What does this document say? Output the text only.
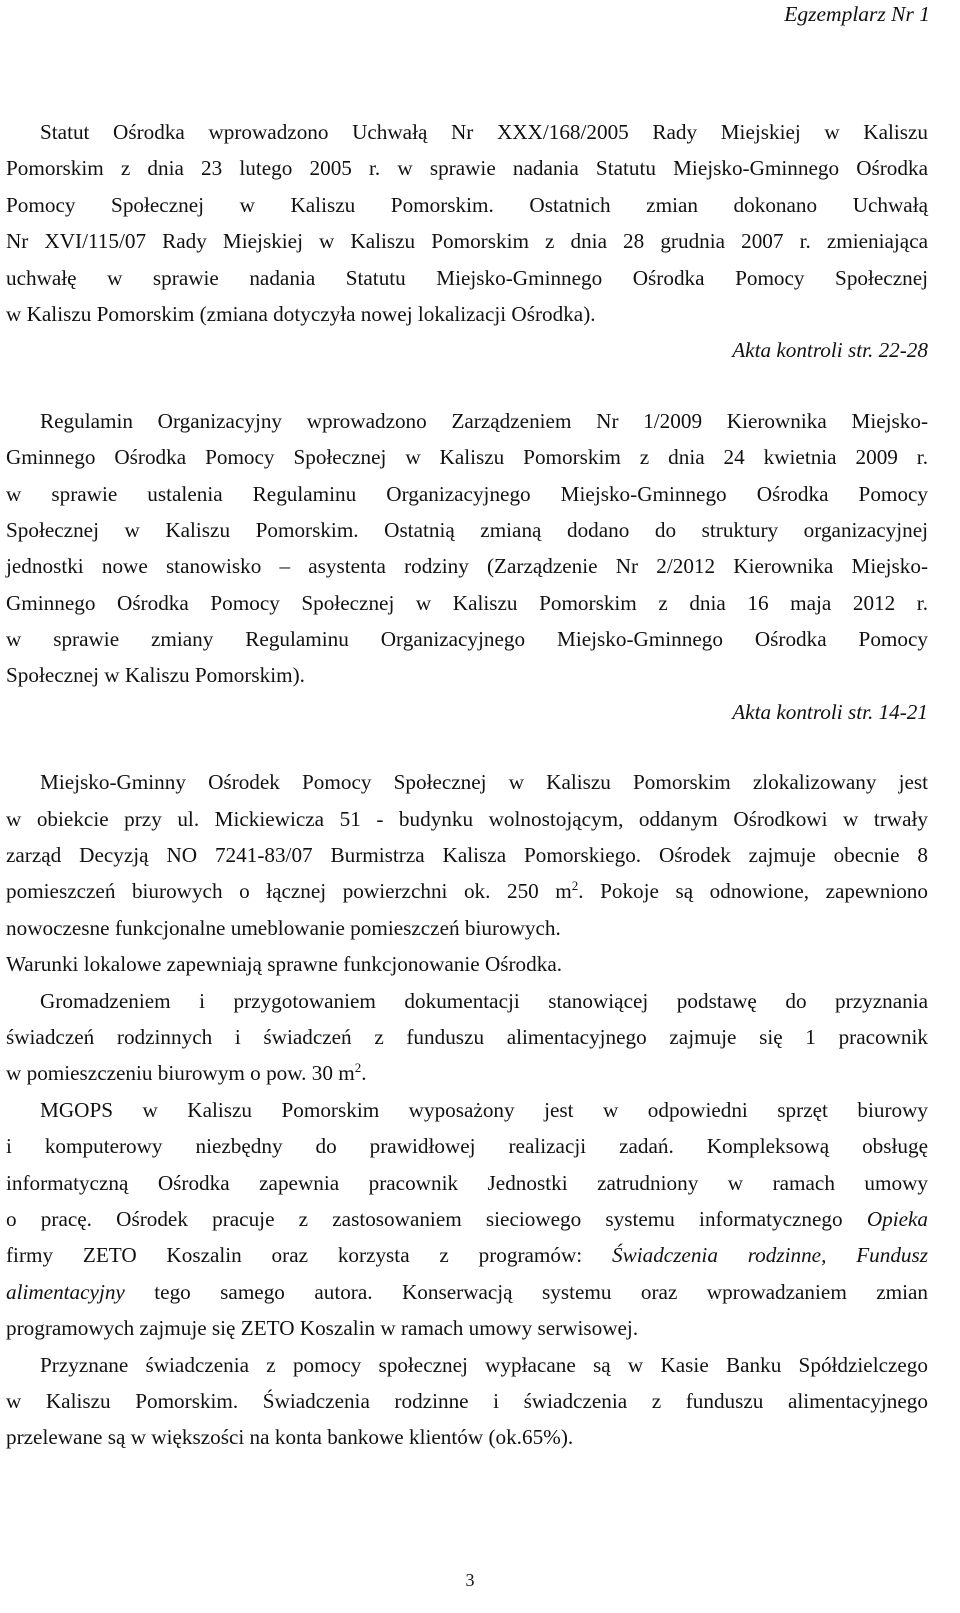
Egzemplarz Nr 1
Statut Ośrodka wprowadzono Uchwałą Nr XXX/168/2005 Rady Miejskiej w Kaliszu
Pomorskim z dnia 23 lutego 2005 r. w sprawie nadania Statutu Miejsko-Gminnego Ośrodka
Pomocy Społecznej w Kaliszu Pomorskim. Ostatnich zmian dokonano Uchwałą
Nr XVI/115/07 Rady Miejskiej w Kaliszu Pomorskim z dnia 28 grudnia 2007 r. zmieniająca
uchwałę w sprawie nadania Statutu Miejsko-Gminnego Ośrodka Pomocy Społecznej
w Kaliszu Pomorskim (zmiana dotyczyła nowej lokalizacji Ośrodka).
Akta kontroli str. 22-28
Regulamin Organizacyjny wprowadzono Zarządzeniem Nr 1/2009 Kierownika Miejsko-
Gminnego Ośrodka Pomocy Społecznej w Kaliszu Pomorskim z dnia 24 kwietnia 2009 r.
w sprawie ustalenia Regulaminu Organizacyjnego Miejsko-Gminnego Ośrodka Pomocy
Społecznej w Kaliszu Pomorskim. Ostatnią zmianą dodano do struktury organizacyjnej
jednostki nowe stanowisko – asystenta rodziny (Zarządzenie Nr 2/2012 Kierownika Miejsko-
Gminnego Ośrodka Pomocy Społecznej w Kaliszu Pomorskim z dnia 16 maja 2012 r.
w sprawie zmiany Regulaminu Organizacyjnego Miejsko-Gminnego Ośrodka Pomocy
Społecznej w Kaliszu Pomorskim).
Akta kontroli str. 14-21
Miejsko-Gminny Ośrodek Pomocy Społecznej w Kaliszu Pomorskim zlokalizowany jest
w obiekcie przy ul. Mickiewicza 51 - budynku wolnostojącym, oddanym Ośrodkowi w trwały
zarząd Decyzją NO 7241-83/07 Burmistrza Kalisza Pomorskiego. Ośrodek zajmuje obecnie 8
pomieszczeń biurowych o łącznej powierzchni ok. 250 $m^2$. Pokoje są odnowione, zapewniono
nowoczesne funkcjonalne umeblowanie pomieszczeń biurowych.
Warunki lokalowe zapewniają sprawne funkcjonowanie Ośrodka.
Gromadzeniem i przygotowaniem dokumentacji stanowiącej podstawę do przyznania
świadczeń rodzinnych i świadczeń z funduszu alimentacyjnego zajmuje się 1 pracownik
w pomieszczeniu biurowym o pow. 30 $m^2$.
MGOPS w Kaliszu Pomorskim wyposażony jest w odpowiedni sprzęt biurowy
i komputerowy niezbędny do prawidłowej realizacji zadań. Kompleksową obsługę
informatyczną Ośrodka zapewnia pracownik Jednostki zatrudniony w ramach umowy
o pracę. Ośrodek pracuje z zastosowaniem sieciowego systemu informatycznego Opieka
firmy ZETO Koszalin oraz korzysta z programów: Świadczenia rodzinne, Fundusz
alimentacyjny tego samego autora. Konserwacją systemu oraz wprowadzaniem zmian
programowych zajmuje się ZETO Koszalin w ramach umowy serwisowej.
Przyznane świadczenia z pomocy społecznej wypłacane są w Kasie Banku Spółdzielczego
w Kaliszu Pomorskim. Świadczenia rodzinne i świadczenia z funduszu alimentacyjnego
przelewane są w większości na konta bankowe klientów (ok.65%).
3
